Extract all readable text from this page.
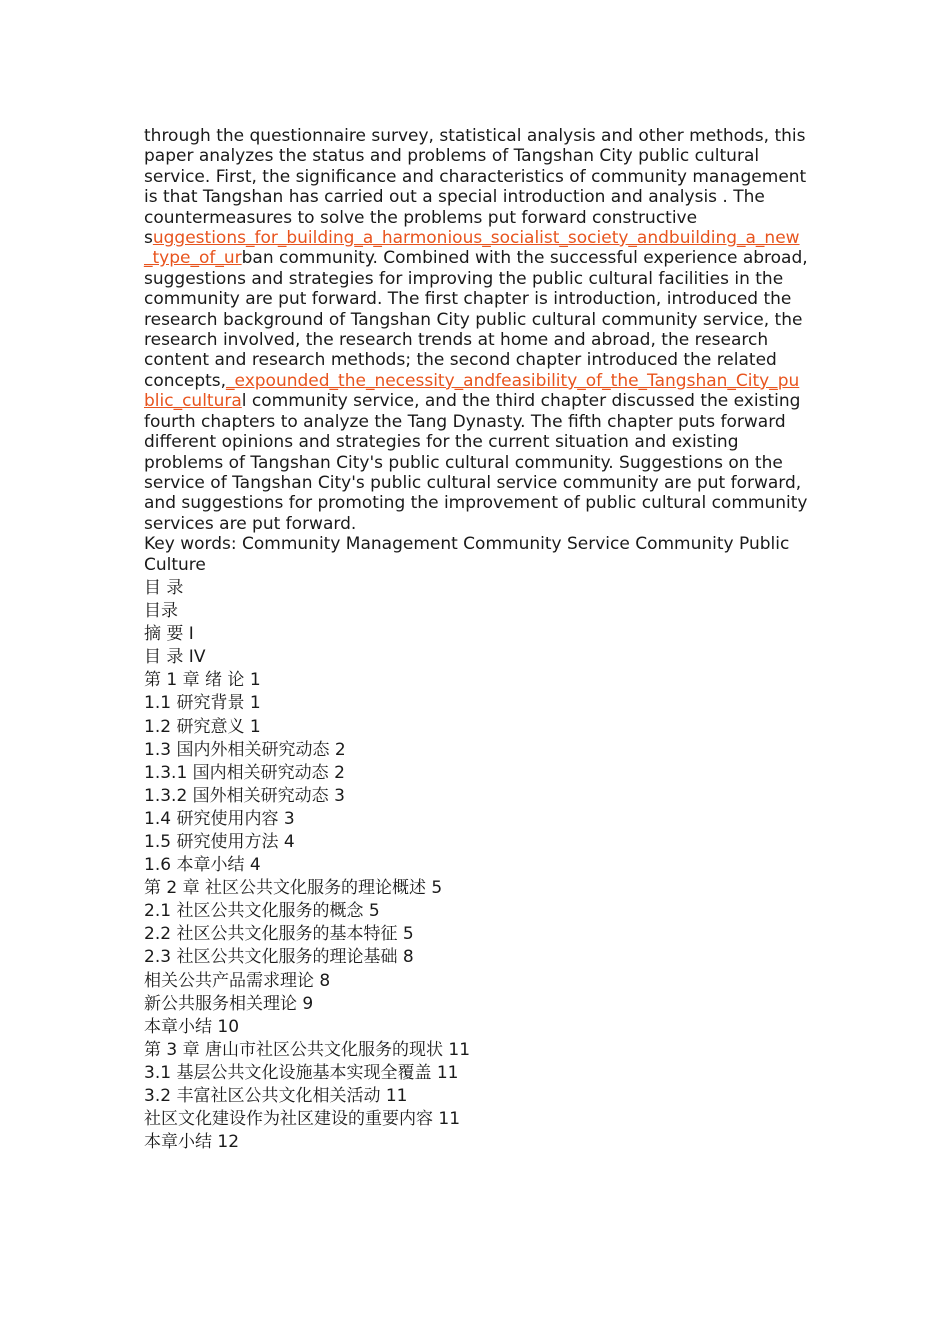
through the questionnaire survey, statistical analysis and other methods, this paper analyzes the status and problems of Tangshan City public cultural service. First, the significance and characteristics of community management is that Tangshan has carried out a special introduction and analysis . The countermeasures to solve the problems put forward constructive suggestions_for_building_a_harmonious_socialist_society_andbuilding_a_new_type_of_urban community. Combined with the successful experience abroad, suggestions and strategies for improving the public cultural facilities in the community are put forward. The first chapter is introduction, introduced the research background of Tangshan City public cultural community service, the research involved, the research trends at home and abroad, the research content and research methods; the second chapter introduced the related concepts,_expounded_the_necessity_andfeasibility_of_the_Tangshan_City_public_cultural community service, and the third chapter discussed the existing fourth chapters to analyze the Tang Dynasty. The fifth chapter puts forward different opinions and strategies for the current situation and existing problems of Tangshan City's public cultural community. Suggestions on the service of Tangshan City's public cultural service community are put forward, and suggestions for promoting the improvement of public cultural community services are put forward.

Key words: Community Management Community Service Community Public Culture

目 录
目录
摘 要 I
目 录 IV
第 1 章 绪 论 1
1.1 研究背景 1
1.2 研究意义 1
1.3 国内外相关研究动态 2
1.3.1 国内相关研究动态 2
1.3.2 国外相关研究动态 3
1.4 研究使用内容 3
1.5 研究使用方法 4
1.6 本章小结 4
第 2 章 社区公共文化服务的理论概述 5
2.1 社区公共文化服务的概念 5
2.2 社区公共文化服务的基本特征 5
2.3 社区公共文化服务的理论基础 8
相关公共产品需求理论 8
新公共服务相关理论 9
本章小结 10
第 3 章 唐山市社区公共文化服务的现状 11
3.1 基层公共文化设施基本实现全覆盖 11
3.2 丰富社区公共文化相关活动 11
社区文化建设作为社区建设的重要内容 11
本章小结 12
